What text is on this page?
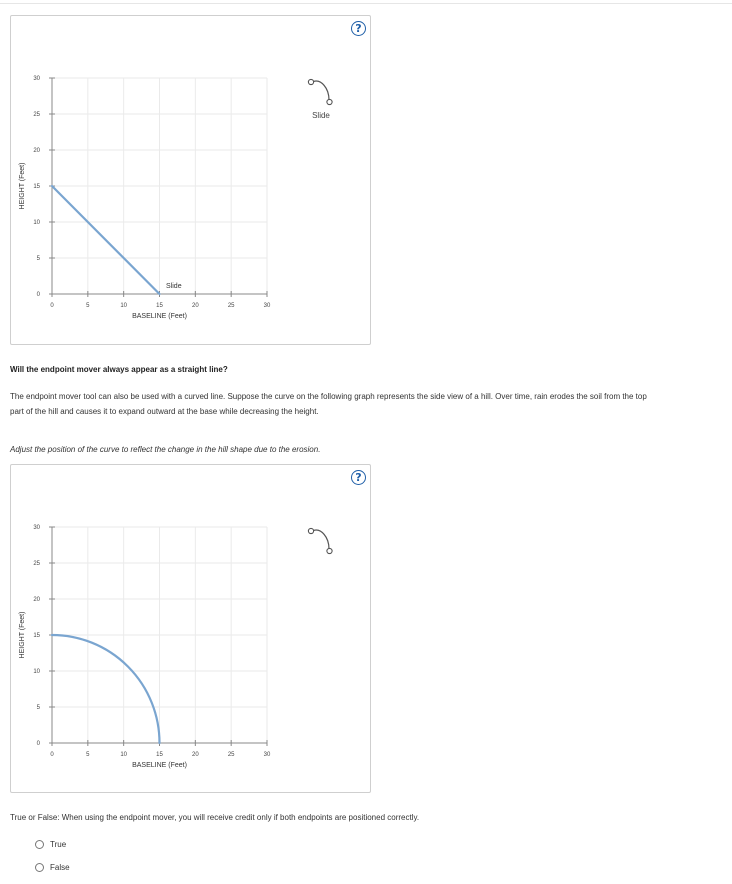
?
0	5	10	15	20	25	30
0
5
10
15
20
25
30
BASELINE (Feet)
HEIGHT (Feet)
Slide
Slide
Will the endpoint mover always appear as a straight line?
The endpoint mover tool can also be used with a curved line. Suppose the curve on the following graph represents the side view of a hill. Over time, rain erodes the soil from the top part of the hill and causes it to expand outward at the base while decreasing the height.
Adjust the position of the curve to reflect the change in the hill shape due to the erosion.
?
0	5	10	15	20	25	30
0
5
10
15
20
25
30
BASELINE (Feet)
HEIGHT (Feet)
True or False: When using the endpoint mover, you will receive credit only if both endpoints are positioned correctly.
True
False
